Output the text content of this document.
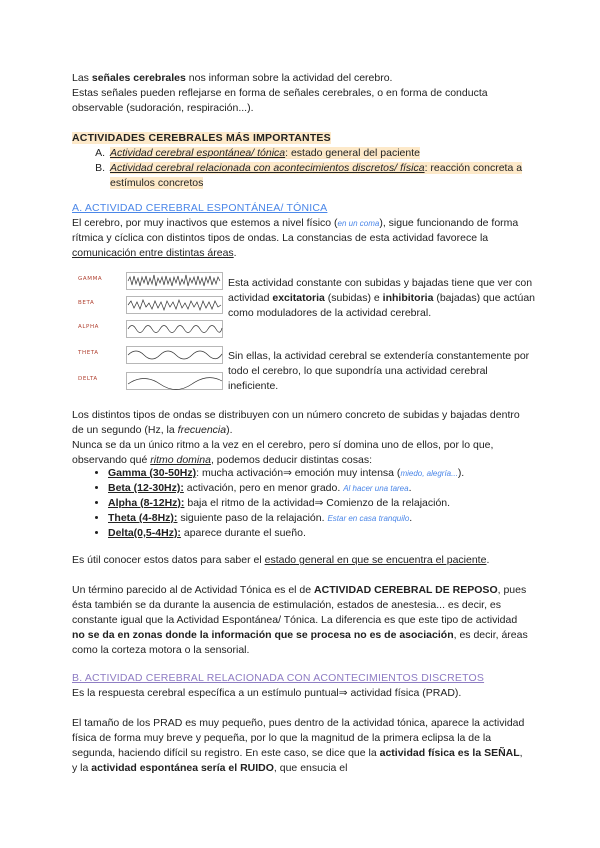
Las señales cerebrales nos informan sobre la actividad del cerebro.

Estas señales pueden reflejarse en forma de señales cerebrales, o en forma de conducta observable (sudoración, respiración...).

ACTIVIDADES CEREBRALES MÁS IMPORTANTES

A. Actividad cerebral espontánea/ tónica: estado general del paciente
B. Actividad cerebral relacionada con acontecimientos discretos/ física: reacción concreta a estímulos concretos

A. ACTIVIDAD CEREBRAL ESPONTÁNEA/ TÓNICA

El cerebro, por muy inactivos que estemos a nivel físico (en un coma), sigue funcionando de forma rítmica y cíclica con distintos tipos de ondas. La constancias de esta actividad favorece la comunicación entre distintas áreas.

GAMMA
BETA
ALPHA
THETA
DELTA

Esta actividad constante con subidas y bajadas tiene que ver con actividad excitatoria (subidas) e inhibitoria (bajadas) que actúan como moduladores de la actividad cerebral.

Sin ellas, la actividad cerebral se extendería constantemente por todo el cerebro, lo que supondría una actividad cerebral ineficiente.

Los distintos tipos de ondas se distribuyen con un número concreto de subidas y bajadas dentro de un segundo (Hz, la frecuencia).

Nunca se da un único ritmo a la vez en el cerebro, pero sí domina uno de ellos, por lo que, observando qué ritmo domina, podemos deducir distintas cosas:

• Gamma (30-50Hz): mucha activación⇒ emoción muy intensa (miedo, alegría...).
• Beta (12-30Hz): activación, pero en menor grado. Al hacer una tarea.
• Alpha (8-12Hz): baja el ritmo de la actividad⇒ Comienzo de la relajación.
• Theta (4-8Hz): siguiente paso de la relajación. Estar en casa tranquilo.
• Delta(0,5-4Hz): aparece durante el sueño.

Es útil conocer estos datos para saber el estado general en que se encuentra el paciente.

Un término parecido al de Actividad Tónica es el de ACTIVIDAD CEREBRAL DE REPOSO, pues ésta también se da durante la ausencia de estimulación, estados de anestesia... es decir, es constante igual que la Actividad Espontánea/ Tónica. La diferencia es que este tipo de actividad no se da en zonas donde la información que se procesa no es de asociación, es decir, áreas como la corteza motora o la sensorial.

B. ACTIVIDAD CEREBRAL RELACIONADA CON ACONTECIMIENTOS DISCRETOS

Es la respuesta cerebral específica a un estímulo puntual⇒ actividad física (PRAD).

El tamaño de los PRAD es muy pequeño, pues dentro de la actividad tónica, aparece la actividad física de forma muy breve y pequeña, por lo que la magnitud de la primera eclipsa la de la segunda, haciendo difícil su registro. En este caso, se dice que la actividad física es la SEÑAL, y la actividad espontánea sería el RUIDO, que ensucia el
